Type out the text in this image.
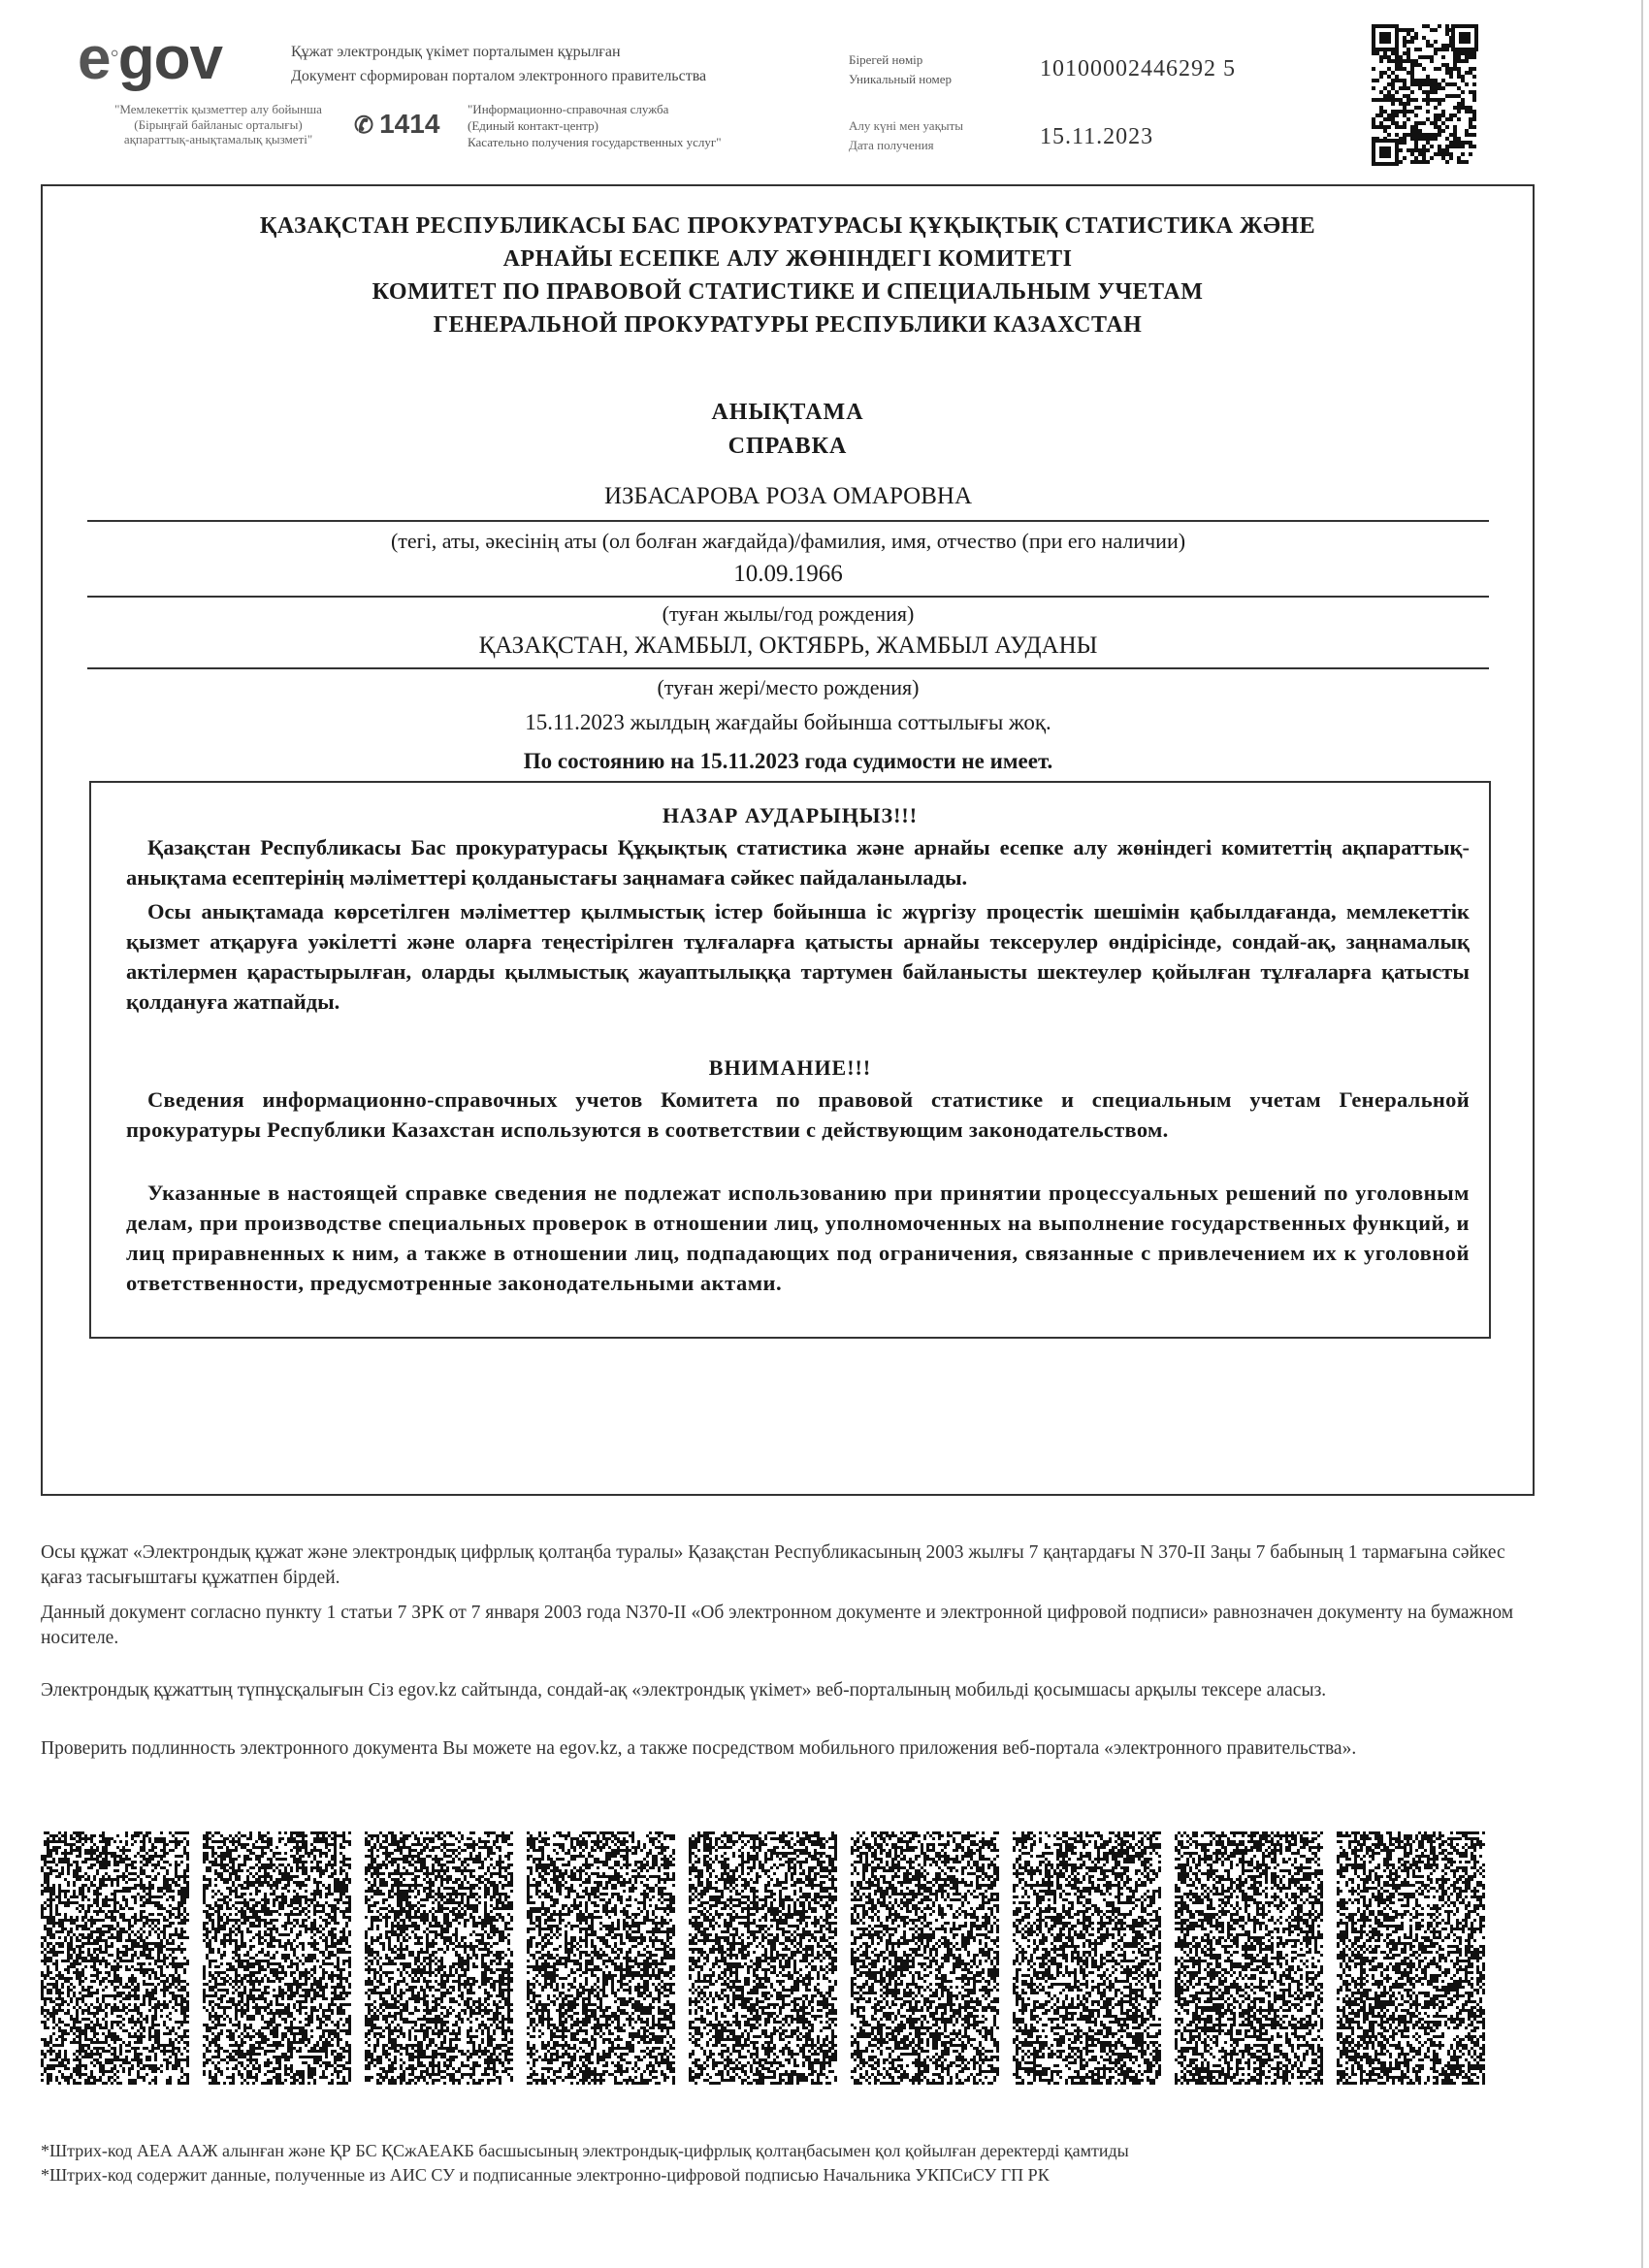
e◦gov	Құжат электрондық үкімет порталымен құрылған
Документ сформирован порталом электронного правительства
"Мемлекеттік қызметтер алу бойынша
(Бірыңғай байланыс орталығы)
ақпараттық-анықтамалық қызметі"
✆ 1414 "Информационно-справочная служба
(Единый контакт-центр)
Касательно получения государственных услуг"
Бірегей нөмір
Уникальный номер	10100002446292 5
Алу күні мен уақыты
Дата получения	15.11.2023
ҚАЗАҚСТАН РЕСПУБЛИКАСЫ БАС ПРОКУРАТУРАСЫ ҚҰҚЫҚТЫҚ СТАТИСТИКА ЖӘНЕ
АРНАЙЫ ЕСЕПКЕ АЛУ ЖӨНІНДЕГІ КОМИТЕТІ
КОМИТЕТ ПО ПРАВОВОЙ СТАТИСТИКЕ И СПЕЦИАЛЬНЫМ УЧЕТАМ
ГЕНЕРАЛЬНОЙ ПРОКУРАТУРЫ РЕСПУБЛИКИ КАЗАХСТАН
АНЫҚТАМА
СПРАВКА
ИЗБАСАРОВА РОЗА ОМАРОВНА
(тегі, аты, әкесінің аты (ол болған жағдайда)/фамилия, имя, отчество (при его наличии)
10.09.1966
(туған жылы/год рождения)
ҚАЗАҚСТАН, ЖАМБЫЛ, ОКТЯБРЬ, ЖАМБЫЛ АУДАНЫ
(туған жері/место рождения)
15.11.2023 жылдың жағдайы бойынша соттылығы жоқ.
По состоянию на 15.11.2023 года судимости не имеет.
НАЗАР АУДАРЫҢЫЗ!!!
Қазақстан Республикасы Бас прокуратурасы Құқықтық статистика және арнайы есепке алу жөніндегі комитеттің ақпараттық-анықтама есептерінің мәліметтері қолданыстағы заңнамаға сәйкес пайдаланылады.
Осы анықтамада көрсетілген мәліметтер қылмыстық істер бойынша іс жүргізу процестік шешімін қабылдағанда, мемлекеттік қызмет атқаруға уәкілетті және оларға теңестірілген тұлғаларға қатысты арнайы тексерулер өндірісінде, сондай-ақ, заңнамалық актілермен қарастырылған, оларды қылмыстық жауаптылыққа тартумен байланысты шектеулер қойылған тұлғаларға қатысты қолдануға жатпайды.
ВНИМАНИЕ!!!
Сведения информационно-справочных учетов Комитета по правовой статистике и специальным учетам Генеральной прокуратуры Республики Казахстан используются в соответствии с действующим законодательством.
Указанные в настоящей справке сведения не подлежат использованию при принятии процессуальных решений по уголовным делам, при производстве специальных проверок в отношении лиц, уполномоченных на выполнение государственных функций, и лиц приравненных к ним, а также в отношении лиц, подпадающих под ограничения, связанные с привлечением их к уголовной ответственности, предусмотренные законодательными актами.
Осы құжат «Электрондық құжат және электрондық цифрлық қолтаңба туралы» Қазақстан Республикасының 2003 жылғы 7 қаңтардағы N 370-II Заңы 7 бабының 1 тармағына сәйкес қағаз тасығыштағы құжатпен бірдей.
Данный документ согласно пункту 1 статьи 7 ЗРК от 7 января 2003 года N370-II «Об электронном документе и электронной цифровой подписи» равнозначен документу на бумажном носителе.
Электрондық құжаттың түпнұсқалығын Сіз egov.kz сайтында, сондай-ақ «электрондық үкімет» веб-порталының мобильді қосымшасы арқылы тексере аласыз.
Проверить подлинность электронного документа Вы можете на egov.kz, а также посредством мобильного приложения веб-портала «электронного правительства».
*Штрих-код АЕА ААЖ алынған және ҚР БС ҚСжАЕАКБ басшысының электрондық-цифрлық қолтаңбасымен қол қойылған деректерді қамтиды
*Штрих-код содержит данные, полученные из АИС СУ и подписанные электронно-цифровой подписью Начальника УКПСиСУ ГП РК
